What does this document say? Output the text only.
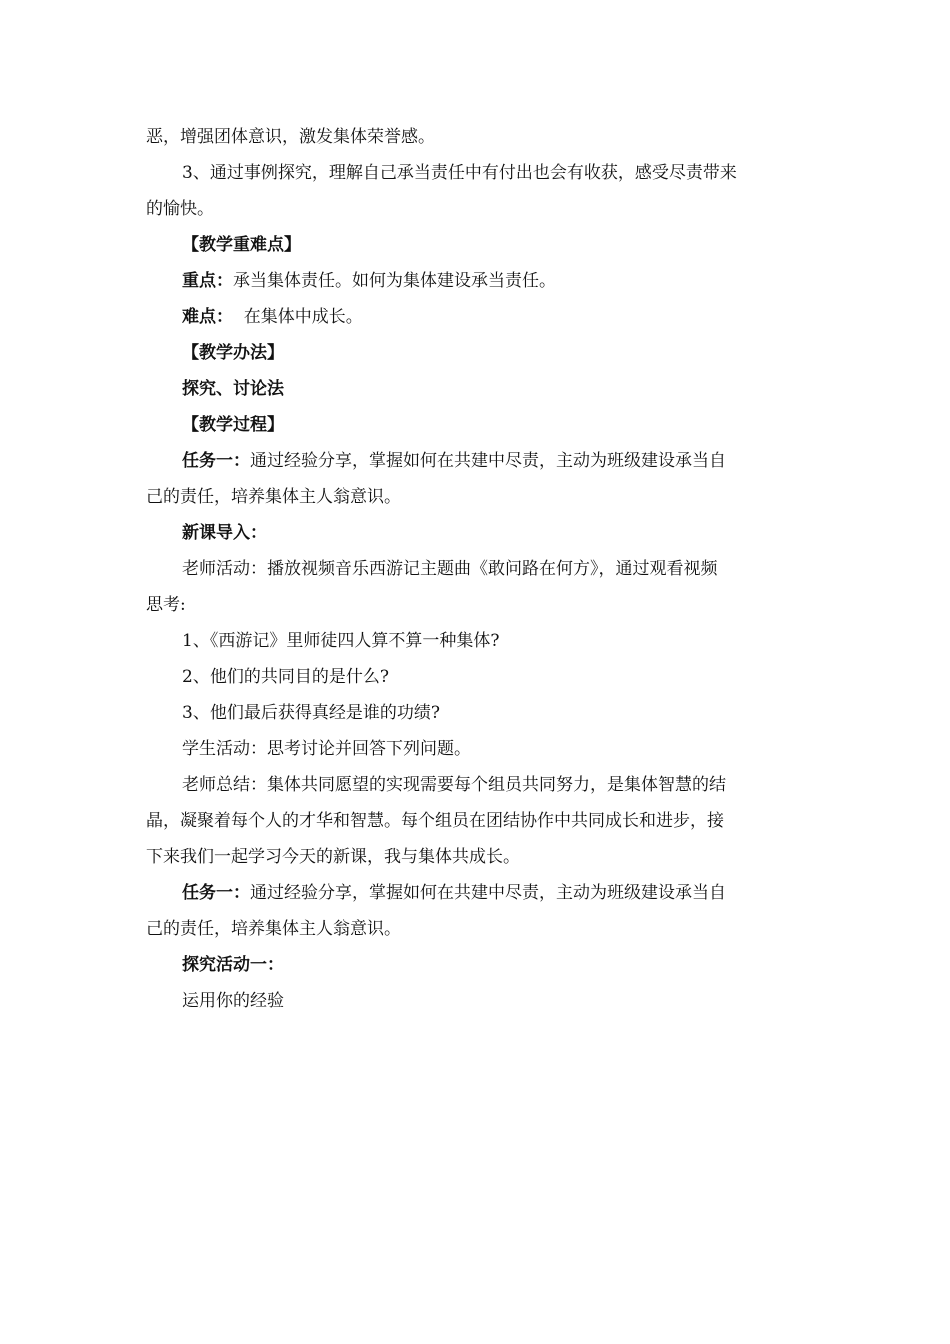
恶，增强团体意识，激发集体荣誉感。

3、通过事例探究，理解自己承当责任中有付出也会有收获，感受尽责带来

的愉快。

【教学重难点】

重点：承当集体责任。如何为集体建设承当责任。

难点：  在集体中成长。

【教学办法】

探究、讨论法

【教学过程】

任务一：通过经验分享，掌握如何在共建中尽责，主动为班级建设承当自

己的责任，培养集体主人翁意识。

新课导入：

老师活动：播放视频音乐西游记主题曲《敢问路在何方》，通过观看视频

思考:

1、《西游记》里师徒四人算不算一种集体?

2、他们的共同目的是什么?

3、他们最后获得真经是谁的功绩?

学生活动：思考讨论并回答下列问题。

老师总结：集体共同愿望的实现需要每个组员共同努力，是集体智慧的结

晶，凝聚着每个人的才华和智慧。每个组员在团结协作中共同成长和进步，接

下来我们一起学习今天的新课，我与集体共成长。

任务一：通过经验分享，掌握如何在共建中尽责，主动为班级建设承当自

己的责任，培养集体主人翁意识。

探究活动一：

运用你的经验
